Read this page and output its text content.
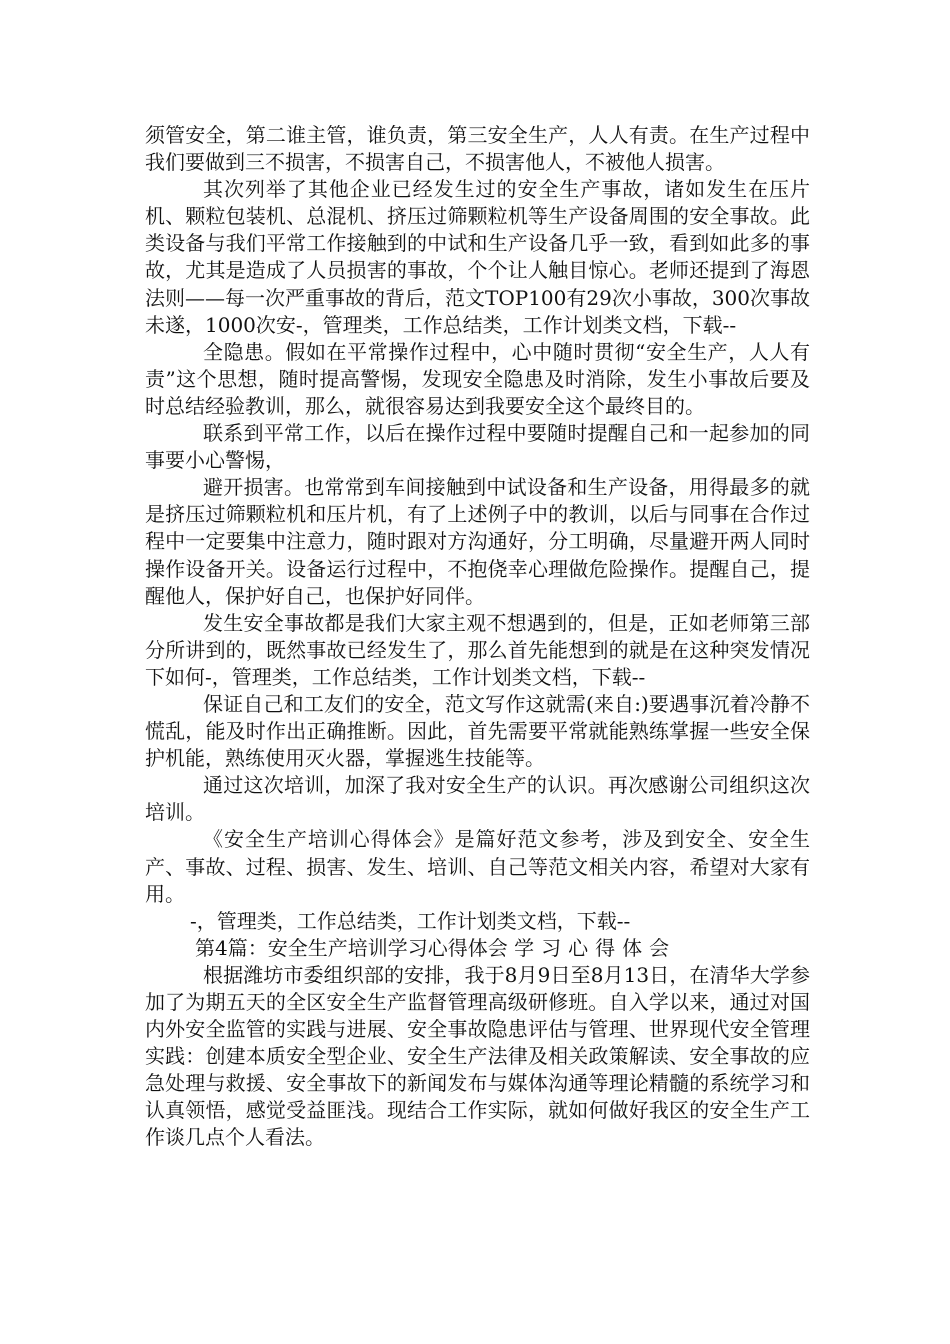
须管安全，第二谁主管，谁负责，第三安全生产，人人有责。在生产过程中我们要做到三不损害，不损害自己，不损害他人，不被他人损害。

其次列举了其他企业已经发生过的安全生产事故，诸如发生在压片机、颗粒包装机、总混机、挤压过筛颗粒机等生产设备周围的安全事故。此类设备与我们平常工作接触到的中试和生产设备几乎一致，看到如此多的事故，尤其是造成了人员损害的事故，个个让人触目惊心。老师还提到了海恩法则——每一次严重事故的背后，范文TOP100有29次小事故，300次事故未遂，1000次安-，管理类，工作总结类，工作计划类文档，下载--

全隐患。假如在平常操作过程中，心中随时贯彻“安全生产，人人有责”这个思想，随时提高警惕，发现安全隐患及时消除，发生小事故后要及时总结经验教训，那么，就很容易达到我要安全这个最终目的。

联系到平常工作，以后在操作过程中要随时提醒自己和一起参加的同事要小心警惕，

避开损害。也常常到车间接触到中试设备和生产设备，用得最多的就是挤压过筛颗粒机和压片机，有了上述例子中的教训，以后与同事在合作过程中一定要集中注意力，随时跟对方沟通好，分工明确，尽量避开两人同时操作设备开关。设备运行过程中，不抱侥幸心理做危险操作。提醒自己，提醒他人，保护好自己，也保护好同伴。

发生安全事故都是我们大家主观不想遇到的，但是，正如老师第三部分所讲到的，既然事故已经发生了，那么首先能想到的就是在这种突发情况下如何-，管理类，工作总结类，工作计划类文档，下载--

保证自己和工友们的安全，范文写作这就需(来自:)要遇事沉着冷静不慌乱，能及时作出正确推断。因此，首先需要平常就能熟练掌握一些安全保护机能，熟练使用灭火器，掌握逃生技能等。

通过这次培训，加深了我对安全生产的认识。再次感谢公司组织这次培训。

《安全生产培训心得体会》是篇好范文参考，涉及到安全、安全生产、事故、过程、损害、发生、培训、自己等范文相关内容，希望对大家有用。

-，管理类，工作总结类，工作计划类文档，下载--

第4篇：安全生产培训学习心得体会 学习心得体会

根据潍坊市委组织部的安排，我于8月9日至8月13日，在清华大学参加了为期五天的全区安全生产监督管理高级研修班。自入学以来，通过对国内外安全监管的实践与进展、安全事故隐患评估与管理、世界现代安全管理实践：创建本质安全型企业、安全生产法律及相关政策解读、安全事故的应急处理与救援、安全事故下的新闻发布与媒体沟通等理论精髓的系统学习和认真领悟，感觉受益匪浅。现结合工作实际，就如何做好我区的安全生产工作谈几点个人看法。
